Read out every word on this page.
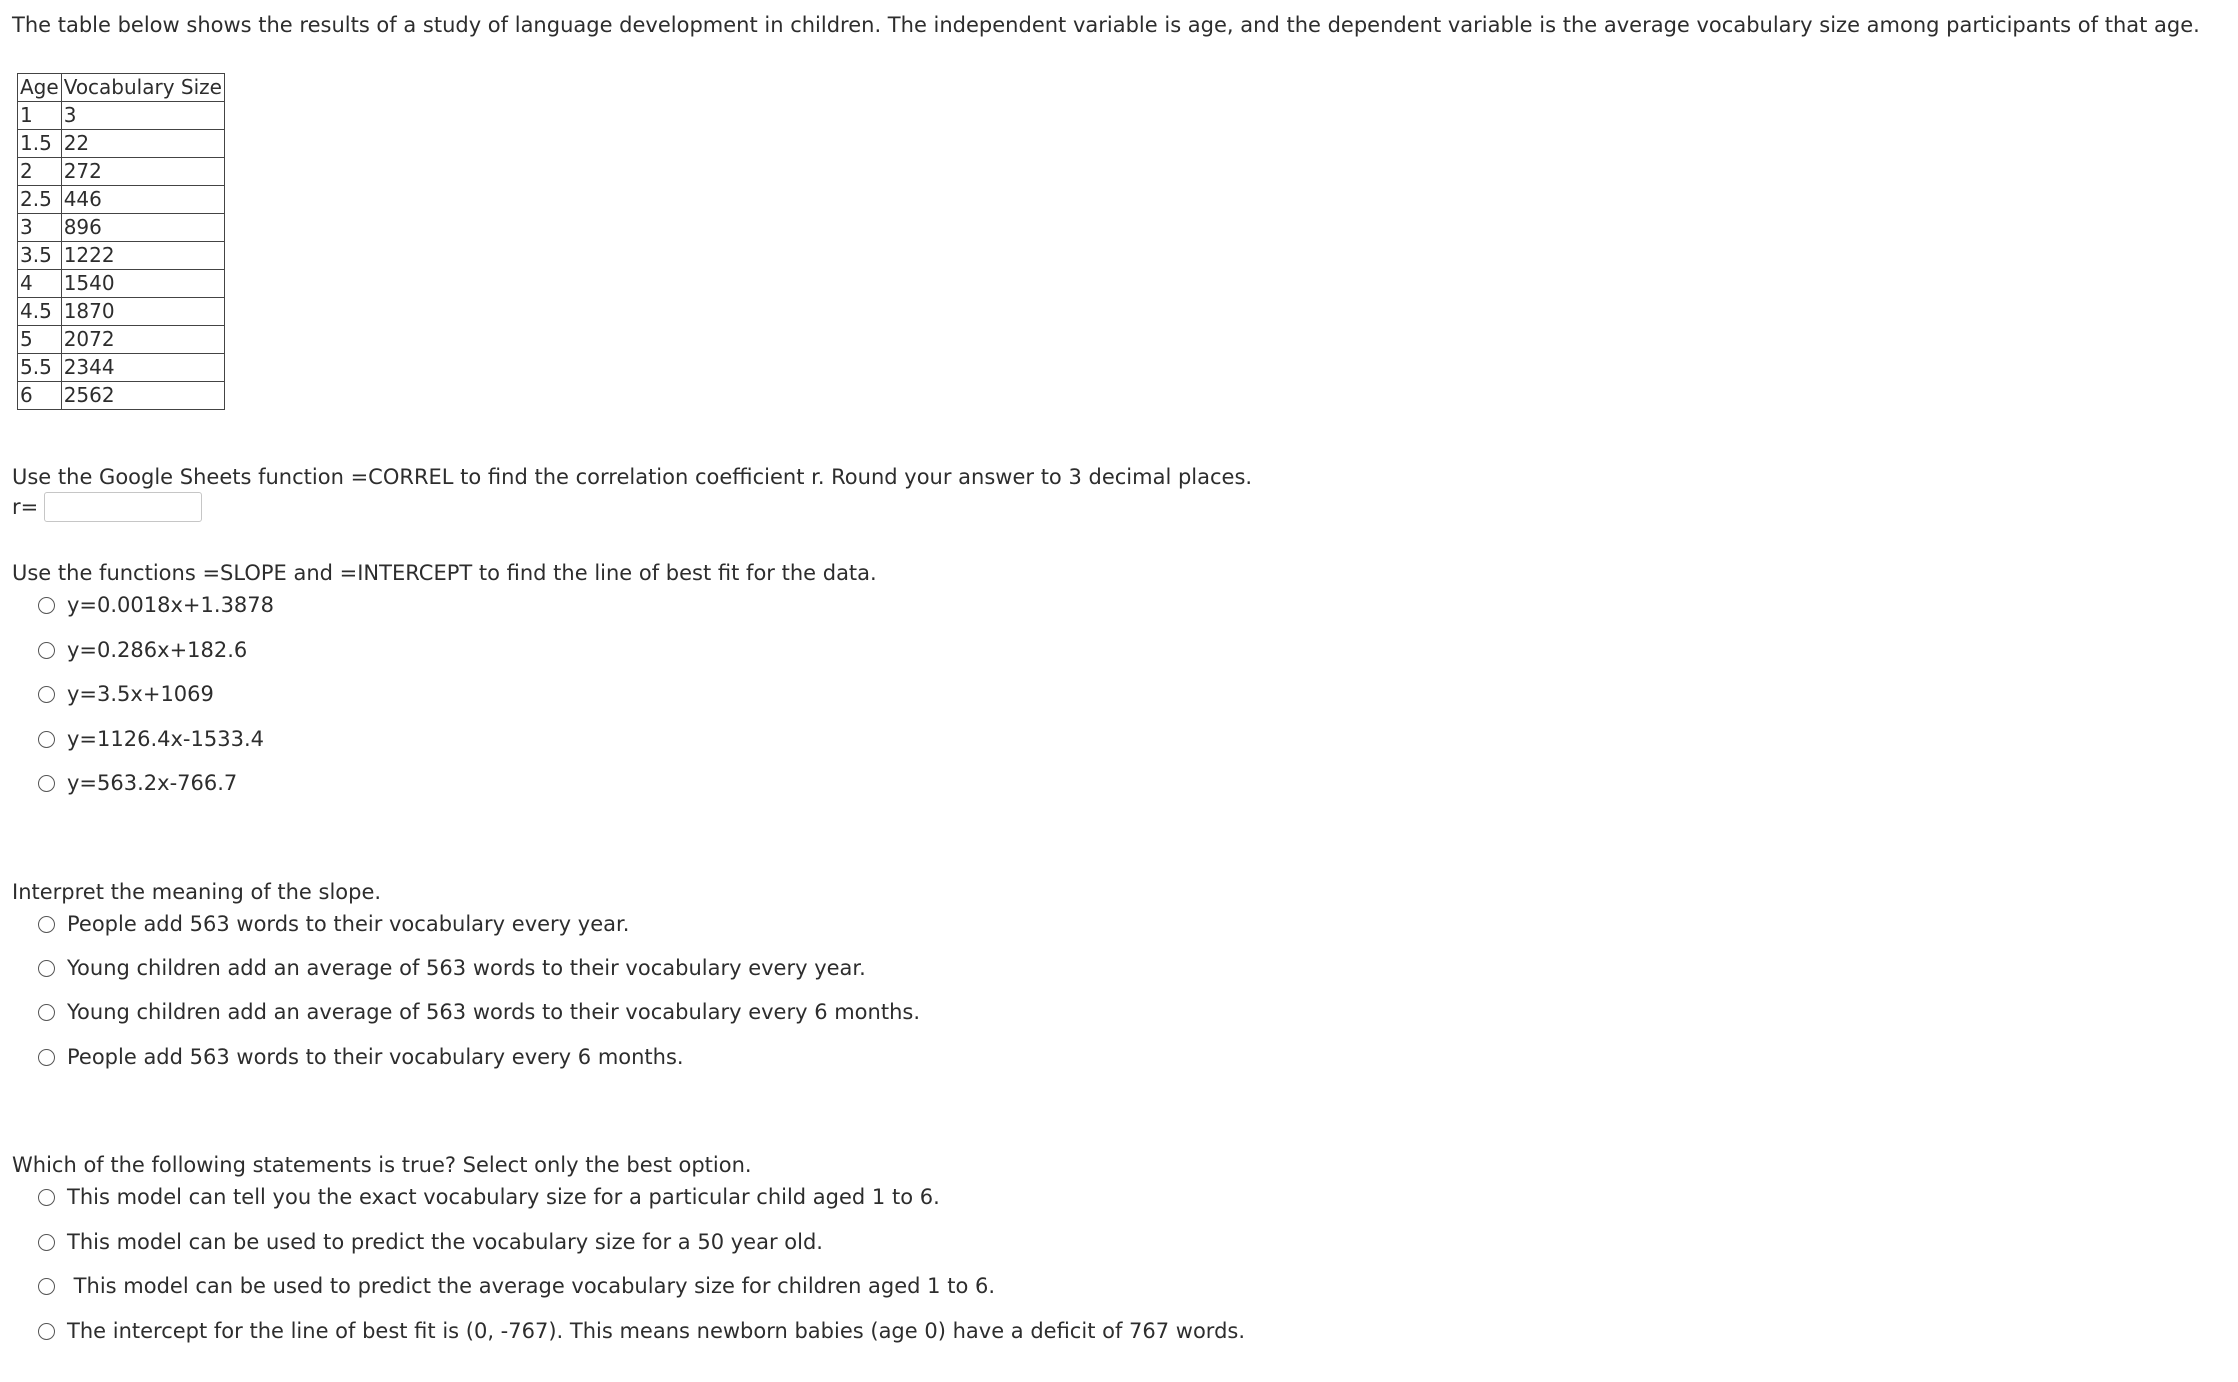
The table below shows the results of a study of language development in children. The independent variable is age, and the dependent variable is the average vocabulary size among participants of that age.
Age	Vocabulary Size
1	3
1.5	22
2	272
2.5	446
3	896
3.5	1222
4	1540
4.5	1870
5	2072
5.5	2344
6	2562
Use the Google Sheets function =CORREL to find the correlation coefficient r. Round your answer to 3 decimal places.
r=
Use the functions =SLOPE and =INTERCEPT to find the line of best fit for the data.
y=0.0018x+1.3878
y=0.286x+182.6
y=3.5x+1069
y=1126.4x-1533.4
y=563.2x-766.7
Interpret the meaning of the slope.
People add 563 words to their vocabulary every year.
Young children add an average of 563 words to their vocabulary every year.
Young children add an average of 563 words to their vocabulary every 6 months.
People add 563 words to their vocabulary every 6 months.
Which of the following statements is true? Select only the best option.
This model can tell you the exact vocabulary size for a particular child aged 1 to 6.
This model can be used to predict the vocabulary size for a 50 year old.
This model can be used to predict the average vocabulary size for children aged 1 to 6.
The intercept for the line of best fit is (0, -767). This means newborn babies (age 0) have a deficit of 767 words.
